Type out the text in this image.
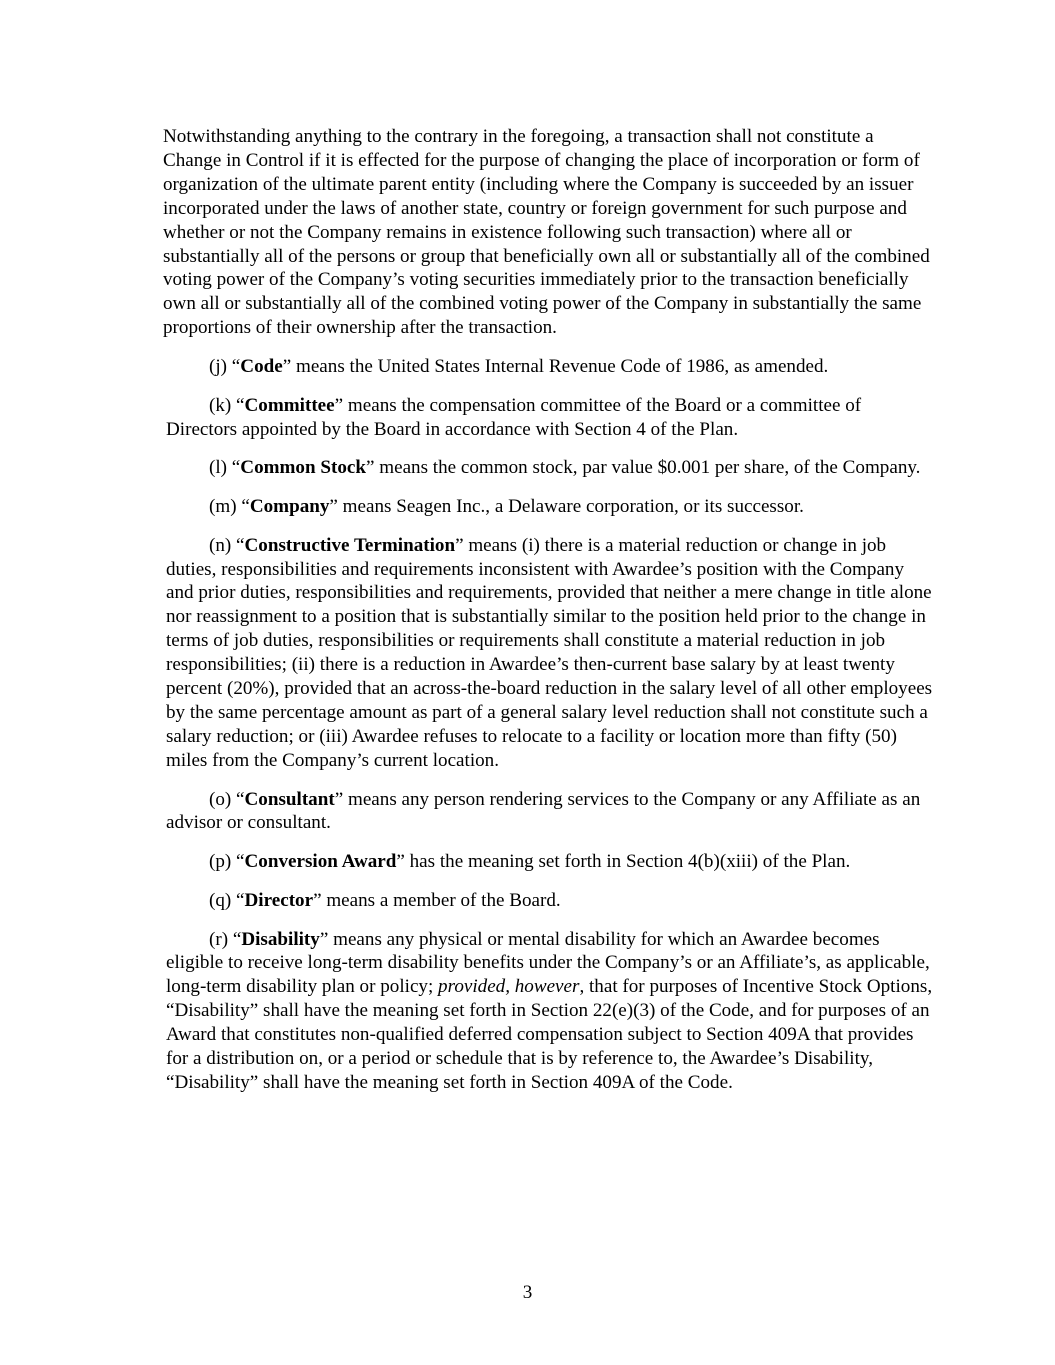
Notwithstanding anything to the contrary in the foregoing, a transaction shall not constitute a Change in Control if it is effected for the purpose of changing the place of incorporation or form of organization of the ultimate parent entity (including where the Company is succeeded by an issuer incorporated under the laws of another state, country or foreign government for such purpose and whether or not the Company remains in existence following such transaction) where all or substantially all of the persons or group that beneficially own all or substantially all of the combined voting power of the Company’s voting securities immediately prior to the transaction beneficially own all or substantially all of the combined voting power of the Company in substantially the same proportions of their ownership after the transaction.

(j) “Code” means the United States Internal Revenue Code of 1986, as amended.

(k) “Committee” means the compensation committee of the Board or a committee of Directors appointed by the Board in accordance with Section 4 of the Plan.

(l) “Common Stock” means the common stock, par value $0.001 per share, of the Company.

(m) “Company” means Seagen Inc., a Delaware corporation, or its successor.

(n) “Constructive Termination” means (i) there is a material reduction or change in job duties, responsibilities and requirements inconsistent with Awardee’s position with the Company and prior duties, responsibilities and requirements, provided that neither a mere change in title alone nor reassignment to a position that is substantially similar to the position held prior to the change in terms of job duties, responsibilities or requirements shall constitute a material reduction in job responsibilities; (ii) there is a reduction in Awardee’s then-current base salary by at least twenty percent (20%), provided that an across-the-board reduction in the salary level of all other employees by the same percentage amount as part of a general salary level reduction shall not constitute such a salary reduction; or (iii) Awardee refuses to relocate to a facility or location more than fifty (50) miles from the Company’s current location.

(o) “Consultant” means any person rendering services to the Company or any Affiliate as an advisor or consultant.

(p) “Conversion Award” has the meaning set forth in Section 4(b)(xiii) of the Plan.

(q) “Director” means a member of the Board.

(r) “Disability” means any physical or mental disability for which an Awardee becomes eligible to receive long-term disability benefits under the Company’s or an Affiliate’s, as applicable, long-term disability plan or policy; provided, however, that for purposes of Incentive Stock Options, “Disability” shall have the meaning set forth in Section 22(e)(3) of the Code, and for purposes of an Award that constitutes non-qualified deferred compensation subject to Section 409A that provides for a distribution on, or a period or schedule that is by reference to, the Awardee’s Disability, “Disability” shall have the meaning set forth in Section 409A of the Code.

3
